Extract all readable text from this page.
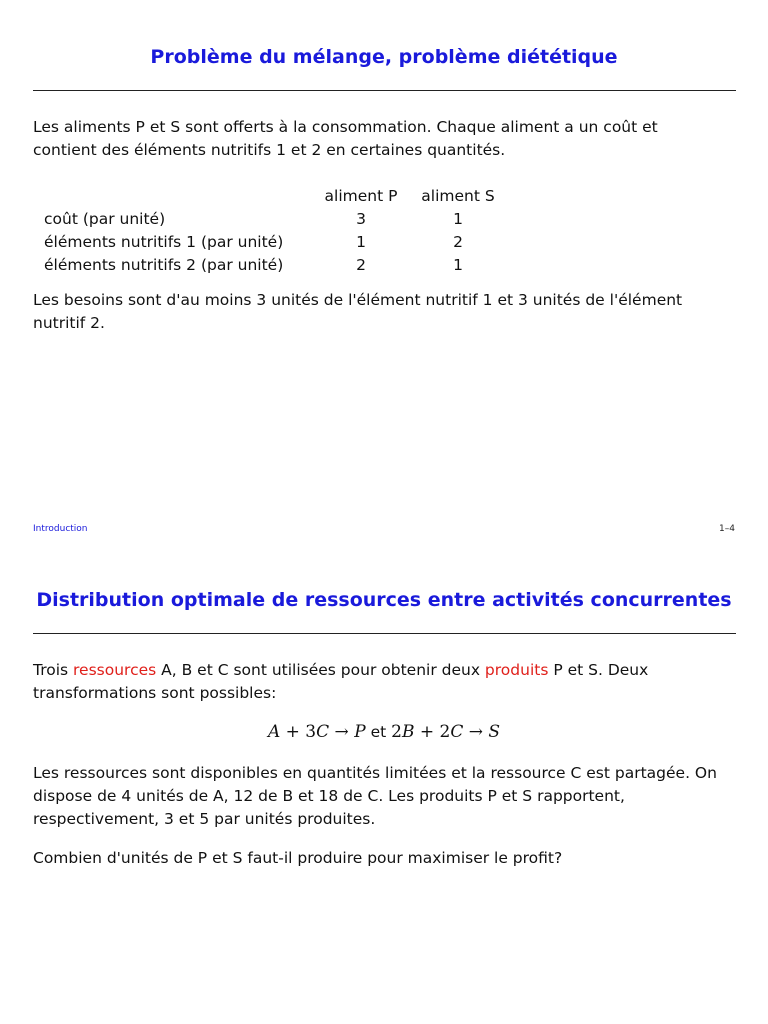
Problème du mélange, problème diététique

Les aliments P et S sont offerts à la consommation. Chaque aliment a un coût et
contient des éléments nutritifs 1 et 2 en certaines quantités.

	aliment P	aliment S
coût (par unité)	3	1
éléments nutritifs 1 (par unité)	1	2
éléments nutritifs 2 (par unité)	2	1

Les besoins sont d'au moins 3 unités de l'élément nutritif 1 et 3 unités de l'élément
nutritif 2.

Introduction	1–4
Distribution optimale de ressources entre activités concurrentes

Trois ressources A, B et C sont utilisées pour obtenir deux produits P et S. Deux
transformations sont possibles:

A + 3C → P et 2B + 2C → S

Les ressources sont disponibles en quantités limitées et la ressource C est partagée. On
dispose de 4 unités de A, 12 de B et 18 de C. Les produits P et S rapportent,
respectivement, 3 et 5 par unités produites.

Combien d'unités de P et S faut-il produire pour maximiser le profit?
